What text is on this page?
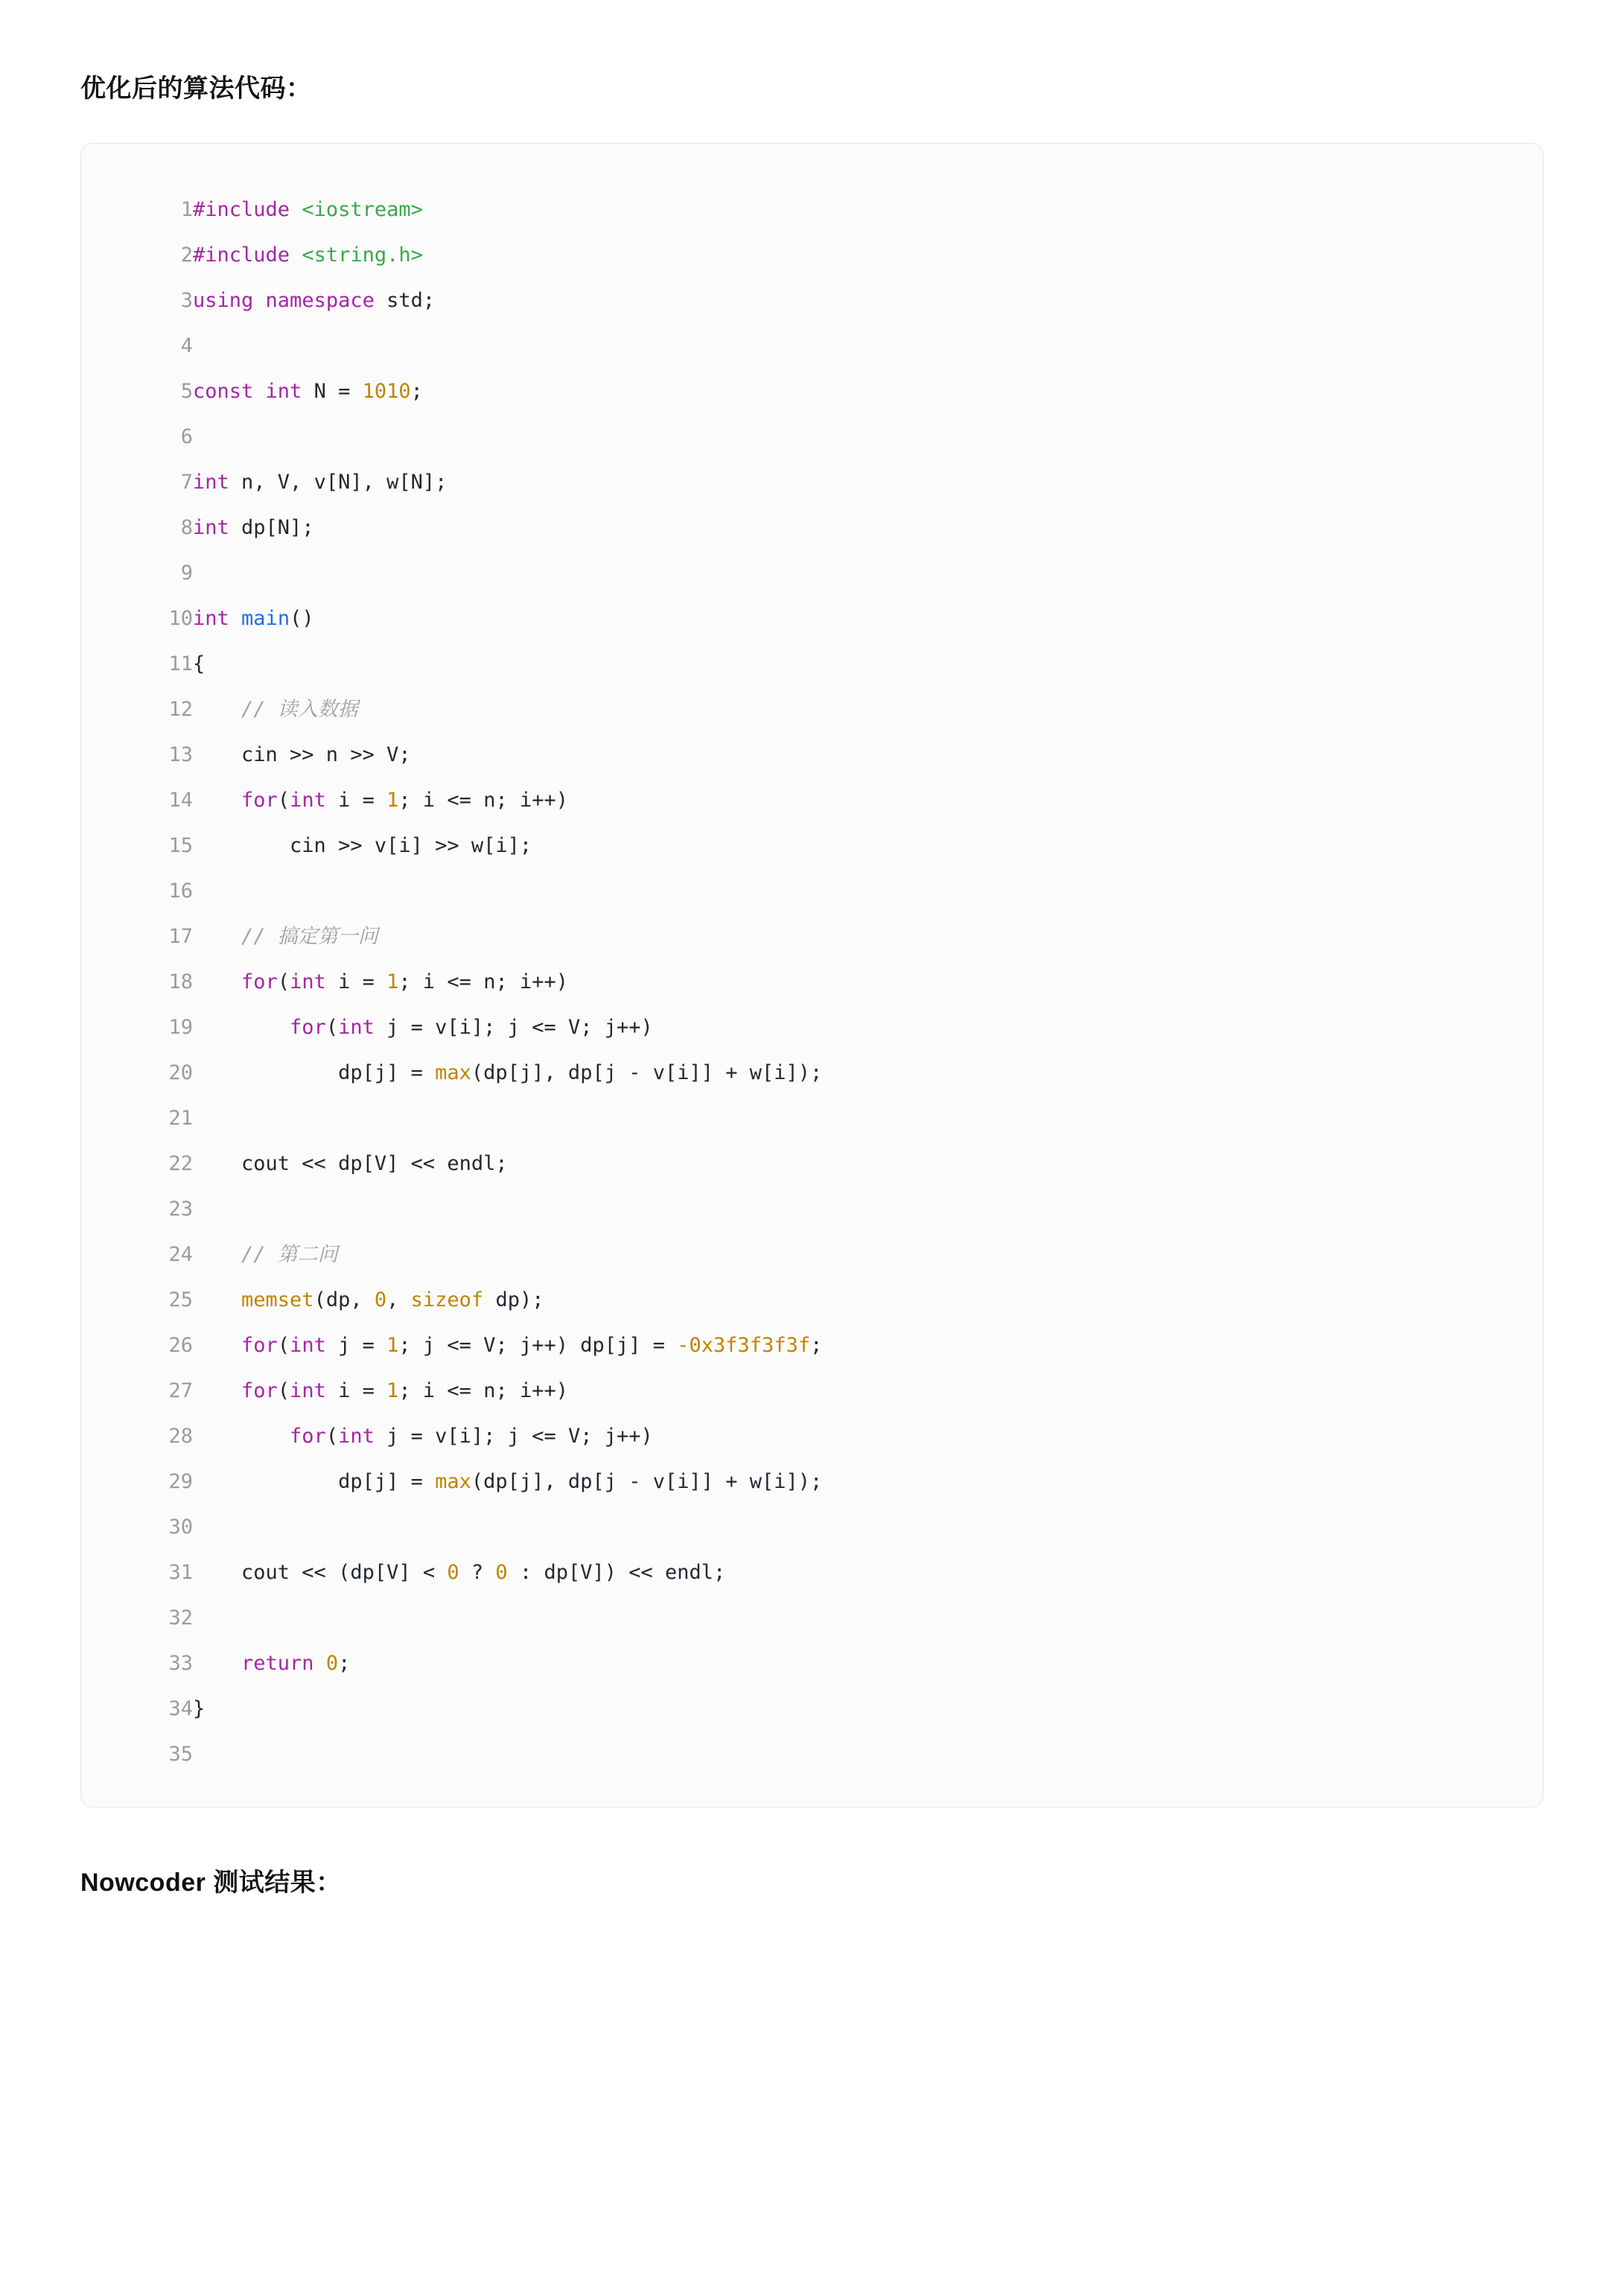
优化后的算法代码：
1	#include <iostream>
2	#include <string.h>
3	using namespace std;
4	
5	const int N = 1010;
6	
7	int n, V, v[N], w[N];
8	int dp[N];
9	
10	int main()
11	{
12	// 读入数据
13	cin >> n >> V;
14	for(int i = 1; i <= n; i++)
15	cin >> v[i] >> w[i];
16	
17	// 搞定第一问
18	for(int i = 1; i <= n; i++)
19	for(int j = v[i]; j <= V; j++)
20	dp[j] = max(dp[j], dp[j - v[i]] + w[i]);
21	
22	cout << dp[V] << endl;
23	
24	// 第二问
25	memset(dp, 0, sizeof dp);
26	for(int j = 1; j <= V; j++) dp[j] = -0x3f3f3f3f;
27	for(int i = 1; i <= n; i++)
28	for(int j = v[i]; j <= V; j++)
29	dp[j] = max(dp[j], dp[j - v[i]] + w[i]);
30	
31	cout << (dp[V] < 0 ? 0 : dp[V]) << endl;
32	
33	return 0;
34	}
35	
Nowcoder 测试结果：
